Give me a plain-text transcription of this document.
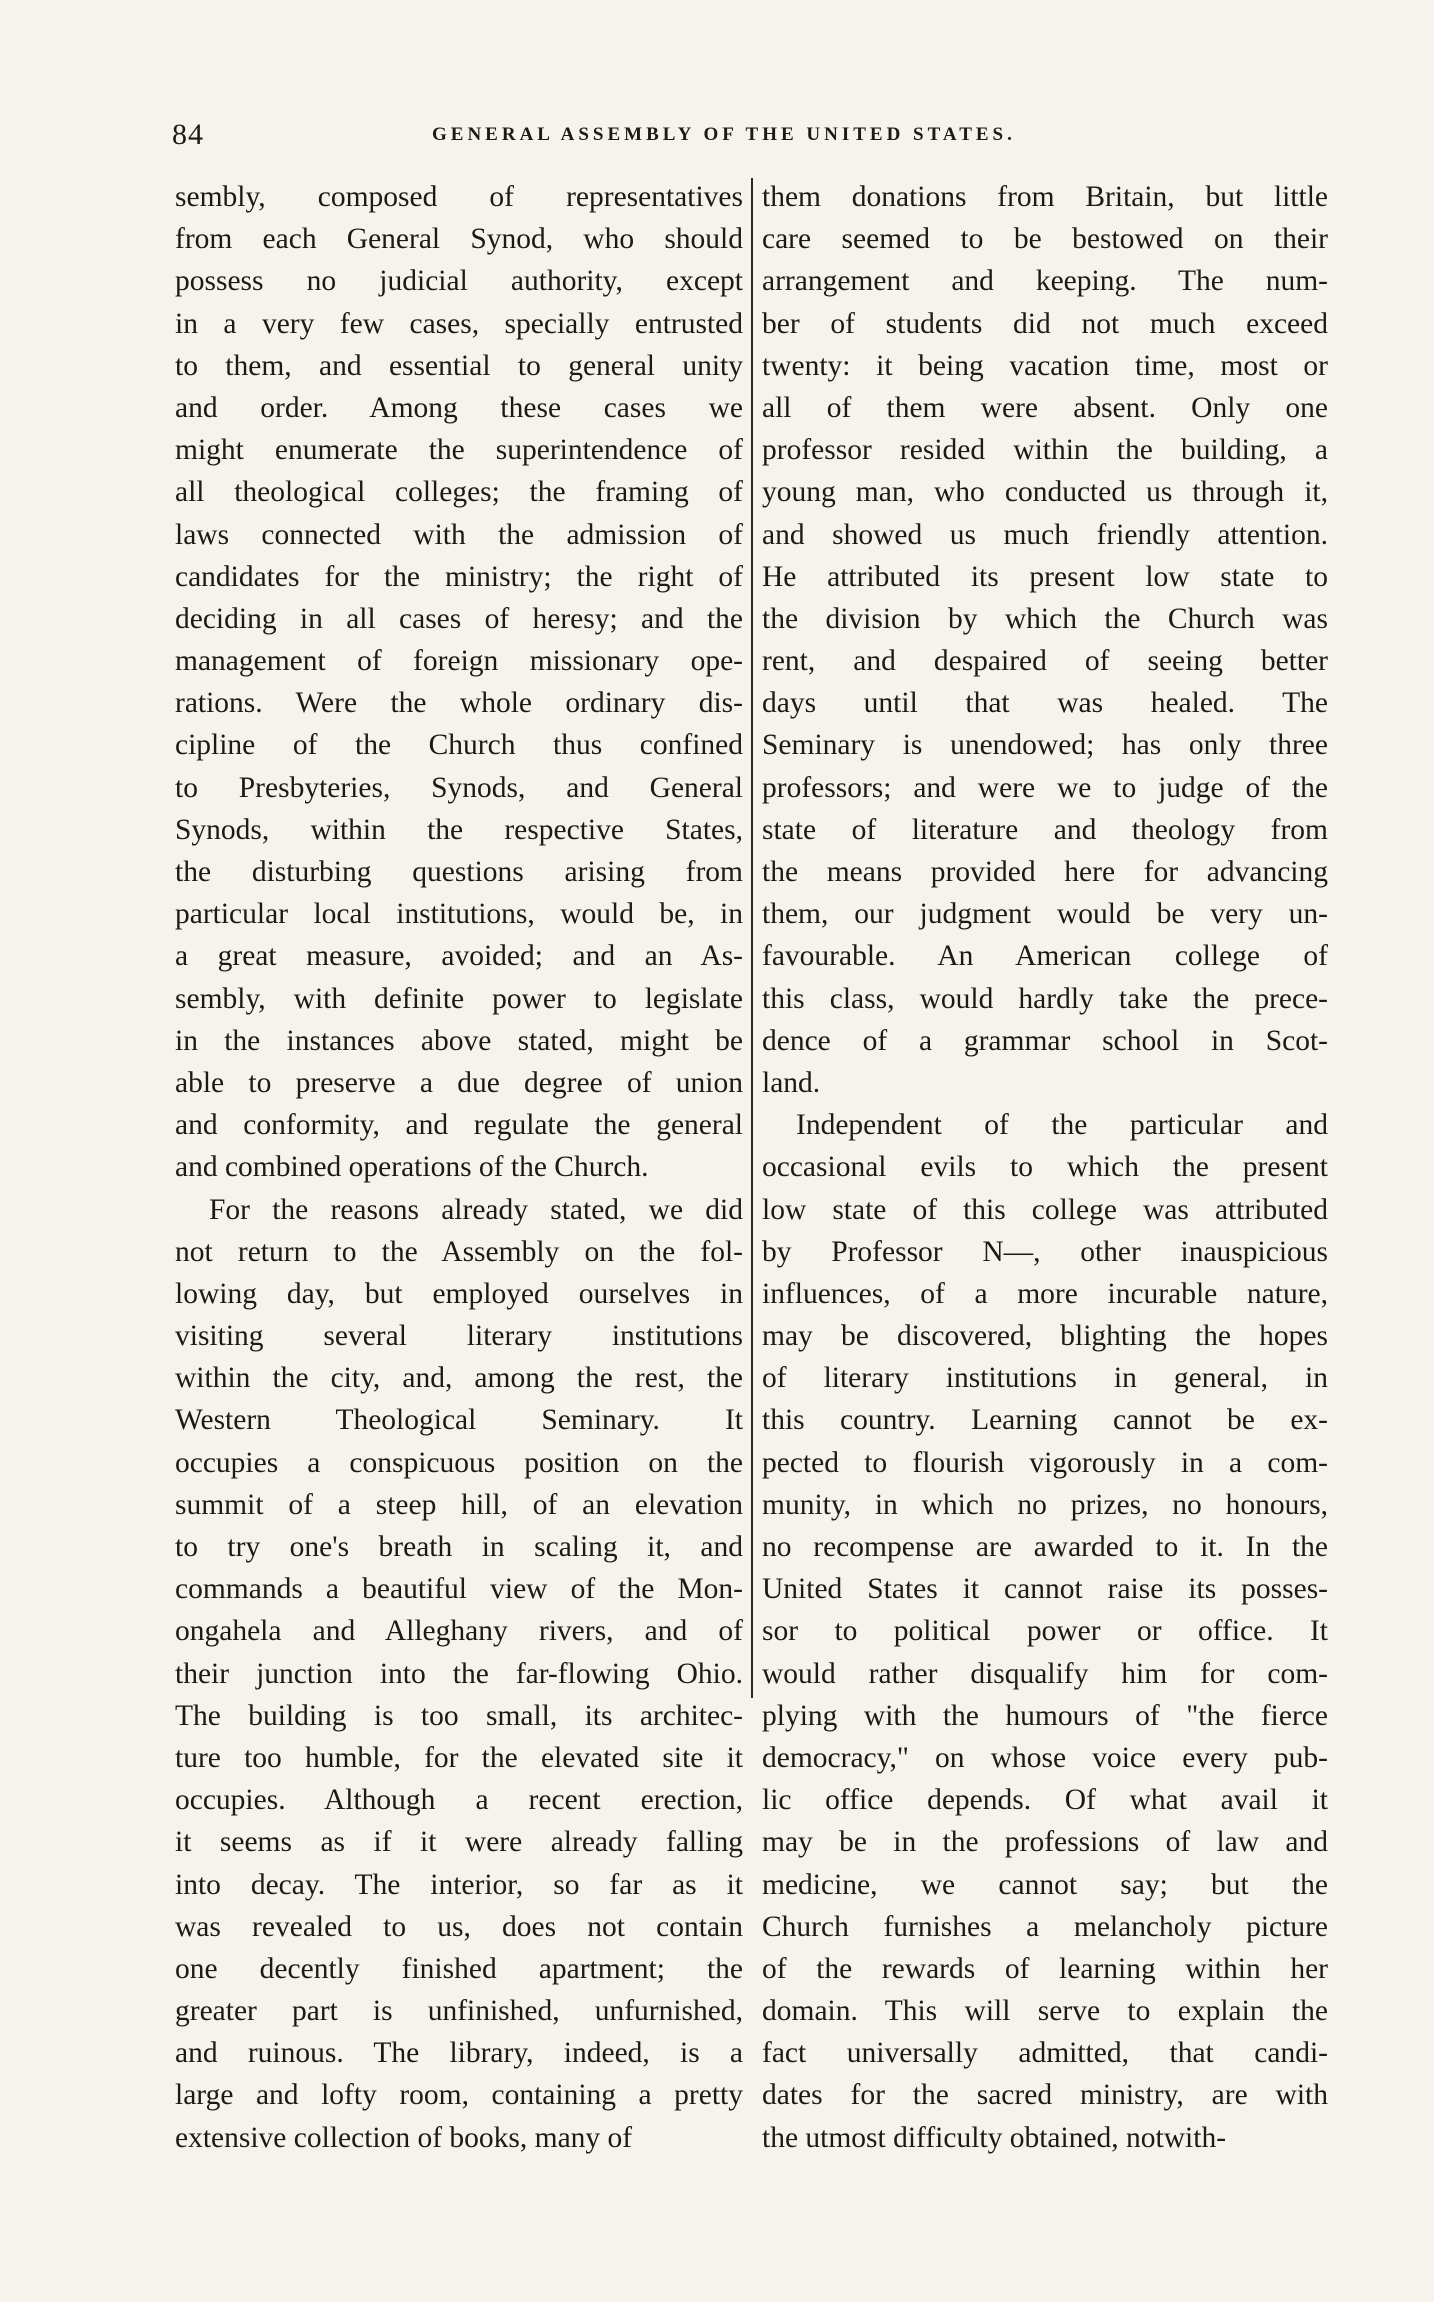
84	GENERAL ASSEMBLY OF THE UNITED STATES.
sembly, composed of representatives
from each General Synod, who should
possess no judicial authority, except
in a very few cases, specially entrusted
to them, and essential to general unity
and order. Among these cases we
might enumerate the superintendence of
all theological colleges; the framing of
laws connected with the admission of
candidates for the ministry; the right of
deciding in all cases of heresy; and the
management of foreign missionary ope-
rations. Were the whole ordinary dis-
cipline of the Church thus confined
to Presbyteries, Synods, and General
Synods, within the respective States,
the disturbing questions arising from
particular local institutions, would be, in
a great measure, avoided; and an As-
sembly, with definite power to legislate
in the instances above stated, might be
able to preserve a due degree of union
and conformity, and regulate the general
and combined operations of the Church.
For the reasons already stated, we did
not return to the Assembly on the fol-
lowing day, but employed ourselves in
visiting several literary institutions
within the city, and, among the rest, the
Western Theological Seminary. It
occupies a conspicuous position on the
summit of a steep hill, of an elevation
to try one's breath in scaling it, and
commands a beautiful view of the Mon-
ongahela and Alleghany rivers, and of
their junction into the far-flowing Ohio.
The building is too small, its architec-
ture too humble, for the elevated site it
occupies. Although a recent erection,
it seems as if it were already falling
into decay. The interior, so far as it
was revealed to us, does not contain
one decently finished apartment; the
greater part is unfinished, unfurnished,
and ruinous. The library, indeed, is a
large and lofty room, containing a pretty
extensive collection of books, many of
them donations from Britain, but little
care seemed to be bestowed on their
arrangement and keeping. The num-
ber of students did not much exceed
twenty: it being vacation time, most or
all of them were absent. Only one
professor resided within the building, a
young man, who conducted us through it,
and showed us much friendly attention.
He attributed its present low state to
the division by which the Church was
rent, and despaired of seeing better
days until that was healed. The
Seminary is unendowed; has only three
professors; and were we to judge of the
state of literature and theology from
the means provided here for advancing
them, our judgment would be very un-
favourable. An American college of
this class, would hardly take the prece-
dence of a grammar school in Scot-
land.
Independent of the particular and
occasional evils to which the present
low state of this college was attributed
by Professor N—, other inauspicious
influences, of a more incurable nature,
may be discovered, blighting the hopes
of literary institutions in general, in
this country. Learning cannot be ex-
pected to flourish vigorously in a com-
munity, in which no prizes, no honours,
no recompense are awarded to it. In the
United States it cannot raise its posses-
sor to political power or office. It
would rather disqualify him for com-
plying with the humours of "the fierce
democracy," on whose voice every pub-
lic office depends. Of what avail it
may be in the professions of law and
medicine, we cannot say; but the
Church furnishes a melancholy picture
of the rewards of learning within her
domain. This will serve to explain the
fact universally admitted, that candi-
dates for the sacred ministry, are with
the utmost difficulty obtained, notwith-
